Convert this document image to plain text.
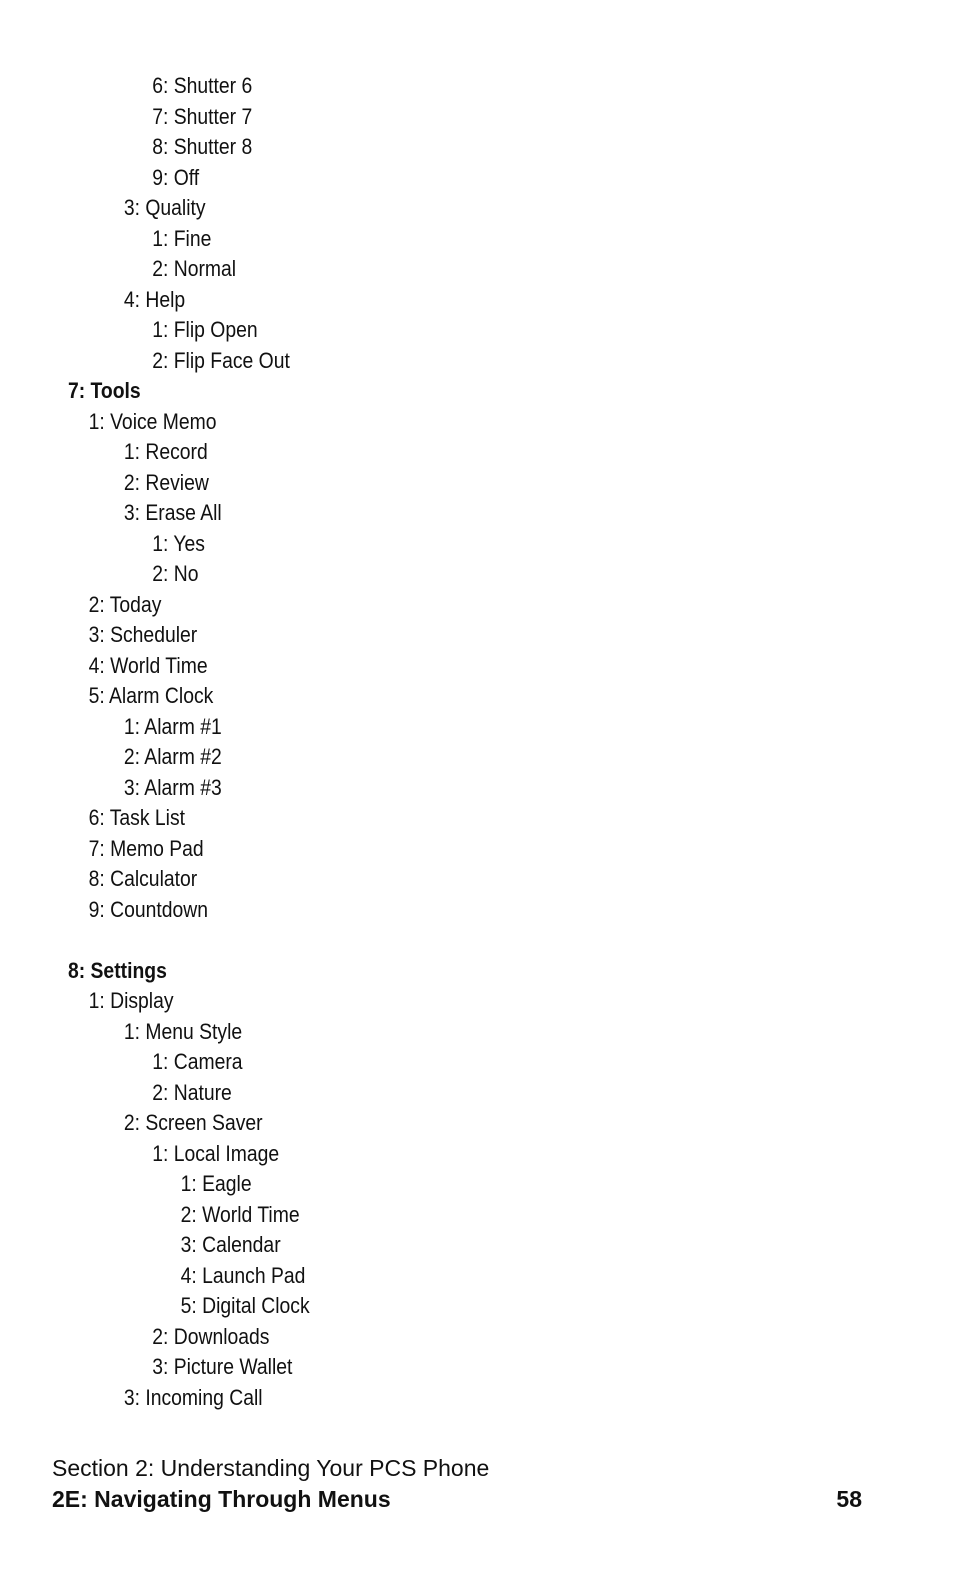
6: Shutter 6
7: Shutter 7
8: Shutter 8
9: Off
3: Quality
1: Fine
2: Normal
4: Help
1: Flip Open
2: Flip Face Out
7: Tools
1: Voice Memo
1: Record
2: Review
3: Erase All
1: Yes
2: No
2: Today
3: Scheduler
4: World Time
5: Alarm Clock
1: Alarm #1
2: Alarm #2
3: Alarm #3
6: Task List
7: Memo Pad
8: Calculator
9: Countdown
8: Settings
1: Display
1: Menu Style
1: Camera
2: Nature
2: Screen Saver
1: Local Image
1: Eagle
2: World Time
3: Calendar
4: Launch Pad
5: Digital Clock
2: Downloads
3: Picture Wallet
3: Incoming Call
Section 2: Understanding Your PCS Phone
2E: Navigating Through Menus	58
